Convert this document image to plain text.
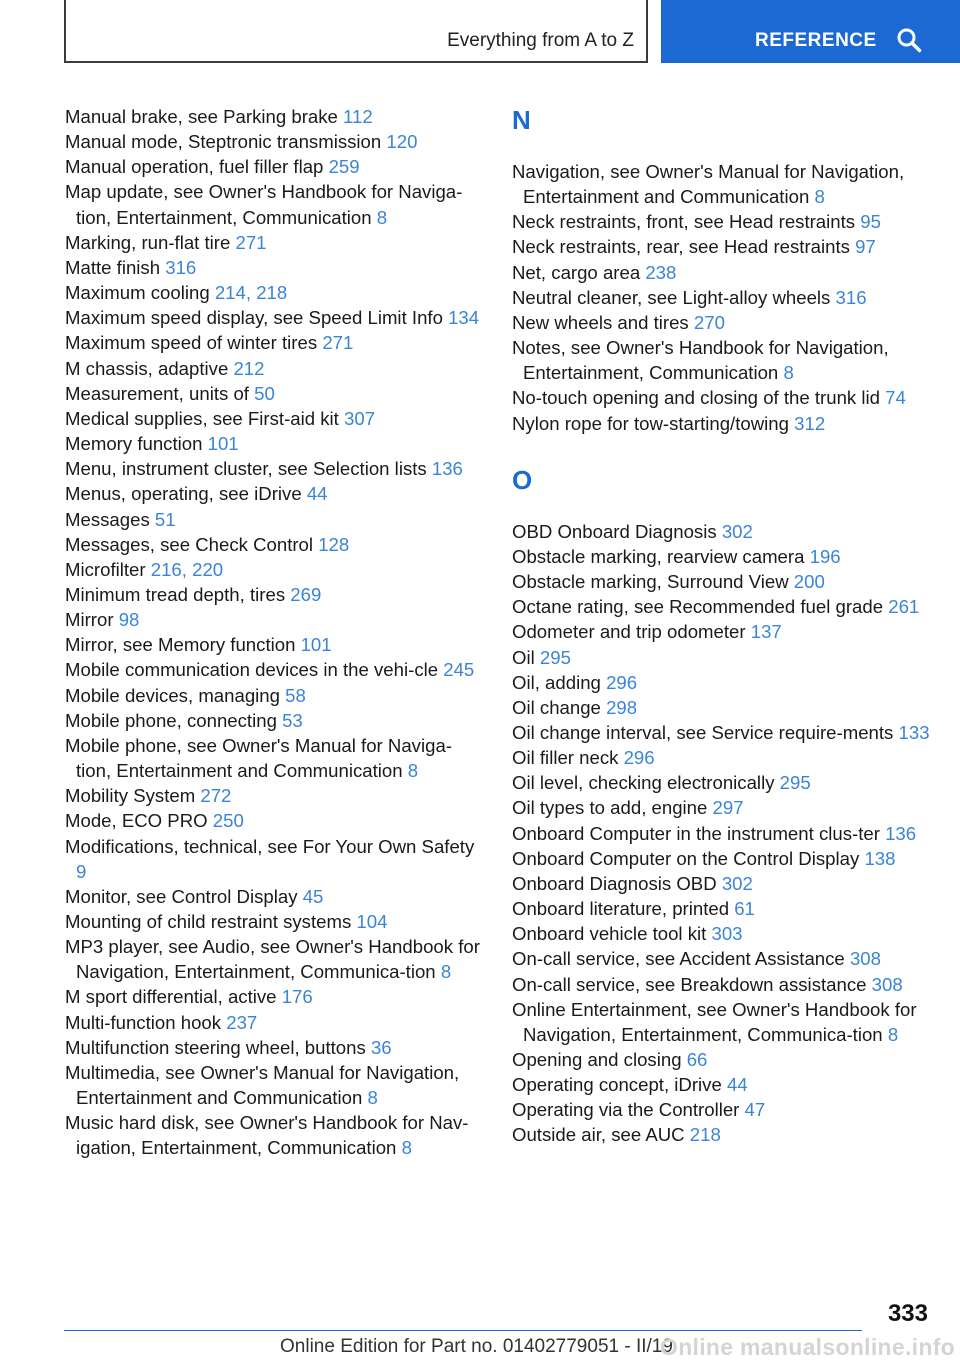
Everything from A to Z	REFERENCE
Manual brake, see Parking brake 112
Manual mode, Steptronic transmission 120
Manual operation, fuel filler flap 259
Map update, see Owner's Handbook for Naviga‐tion, Entertainment, Communication 8
Marking, run-flat tire 271
Matte finish 316
Maximum cooling 214, 218
Maximum speed display, see Speed Limit Info 134
Maximum speed of winter tires 271
M chassis, adaptive 212
Measurement, units of 50
Medical supplies, see First-aid kit 307
Memory function 101
Menu, instrument cluster, see Selection lists 136
Menus, operating, see iDrive 44
Messages 51
Messages, see Check Control 128
Microfilter 216, 220
Minimum tread depth, tires 269
Mirror 98
Mirror, see Memory function 101
Mobile communication devices in the vehi‐cle 245
Mobile devices, managing 58
Mobile phone, connecting 53
Mobile phone, see Owner's Manual for Naviga‐tion, Entertainment and Communication 8
Mobility System 272
Mode, ECO PRO 250
Modifications, technical, see For Your Own Safety 9
Monitor, see Control Display 45
Mounting of child restraint systems 104
MP3 player, see Audio, see Owner's Handbook for Navigation, Entertainment, Communica‐tion 8
M sport differential, active 176
Multi-function hook 237
Multifunction steering wheel, buttons 36
Multimedia, see Owner's Manual for Navigation, Entertainment and Communication 8
Music hard disk, see Owner's Handbook for Nav‐igation, Entertainment, Communication 8
N
Navigation, see Owner's Manual for Navigation, Entertainment and Communication 8
Neck restraints, front, see Head restraints 95
Neck restraints, rear, see Head restraints 97
Net, cargo area 238
Neutral cleaner, see Light-alloy wheels 316
New wheels and tires 270
Notes, see Owner's Handbook for Navigation, Entertainment, Communication 8
No-touch opening and closing of the trunk lid 74
Nylon rope for tow-starting/towing 312
O
OBD Onboard Diagnosis 302
Obstacle marking, rearview camera 196
Obstacle marking, Surround View 200
Octane rating, see Recommended fuel grade 261
Odometer and trip odometer 137
Oil 295
Oil, adding 296
Oil change 298
Oil change interval, see Service require‐ments 133
Oil filler neck 296
Oil level, checking electronically 295
Oil types to add, engine 297
Onboard Computer in the instrument clus‐ter 136
Onboard Computer on the Control Display 138
Onboard Diagnosis OBD 302
Onboard literature, printed 61
Onboard vehicle tool kit 303
On-call service, see Accident Assistance 308
On-call service, see Breakdown assistance 308
Online Entertainment, see Owner's Handbook for Navigation, Entertainment, Communica‐tion 8
Opening and closing 66
Operating concept, iDrive 44
Operating via the Controller 47
Outside air, see AUC 218
333
Online Edition for Part no. 01402779051 - II/19
Online manualsonline.info
